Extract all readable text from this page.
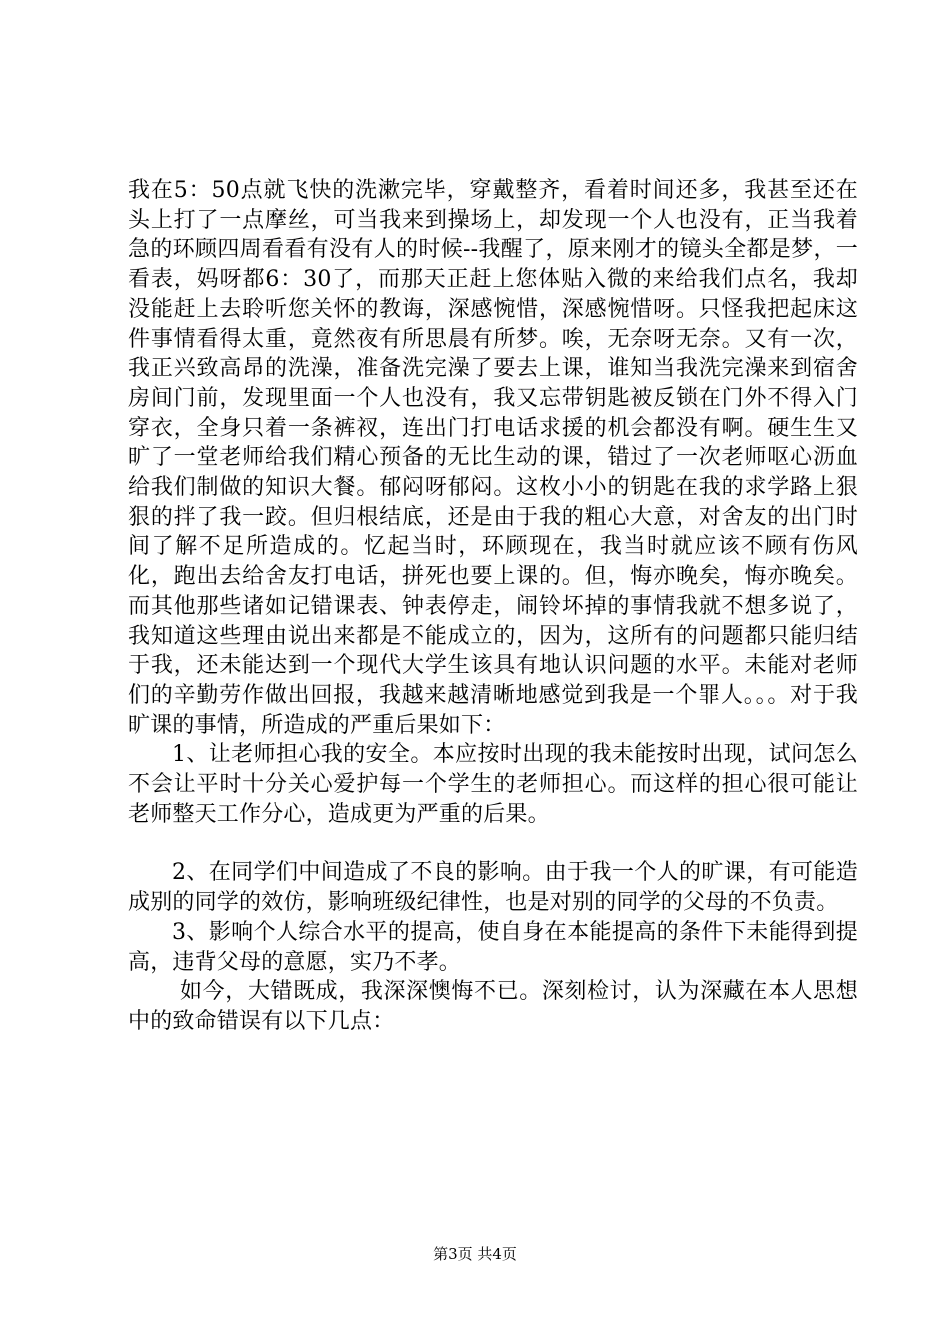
我在5：50点就飞快的洗漱完毕，穿戴整齐，看着时间还多，我甚至还在头上打了一点摩丝，可当我来到操场上，却发现一个人也没有，正当我着急的环顾四周看看有没有人的时候--我醒了，原来刚才的镜头全都是梦，一看表，妈呀都6：30了，而那天正赶上您体贴入微的来给我们点名，我却没能赶上去聆听您关怀的教诲，深感惋惜，深感惋惜呀。只怪我把起床这件事情看得太重，竟然夜有所思晨有所梦。唉，无奈呀无奈。又有一次，我正兴致高昂的洗澡，准备洗完澡了要去上课，谁知当我洗完澡来到宿舍房间门前，发现里面一个人也没有，我又忘带钥匙被反锁在门外不得入门穿衣，全身只着一条裤衩，连出门打电话求援的机会都没有啊。硬生生又旷了一堂老师给我们精心预备的无比生动的课，错过了一次老师呕心沥血给我们制做的知识大餐。郁闷呀郁闷。这枚小小的钥匙在我的求学路上狠狠的拌了我一跤。但归根结底，还是由于我的粗心大意，对舍友的出门时间了解不足所造成的。忆起当时，环顾现在，我当时就应该不顾有伤风化，跑出去给舍友打电话，拼死也要上课的。但，悔亦晚矣，悔亦晚矣。而其他那些诸如记错课表、钟表停走，闹铃坏掉的事情我就不想多说了，我知道这些理由说出来都是不能成立的，因为，这所有的问题都只能归结于我，还未能达到一个现代大学生该具有地认识问题的水平。未能对老师们的辛勤劳作做出回报，我越来越清晰地感觉到我是一个罪人。。。对于我旷课的事情，所造成的严重后果如下：

1、让老师担心我的安全。本应按时出现的我未能按时出现，试问怎么不会让平时十分关心爱护每一个学生的老师担心。而这样的担心很可能让老师整天工作分心，造成更为严重的后果。

2、在同学们中间造成了不良的影响。由于我一个人的旷课，有可能造成别的同学的效仿，影响班级纪律性，也是对别的同学的父母的不负责。

3、影响个人综合水平的提高，使自身在本能提高的条件下未能得到提高，违背父母的意愿，实乃不孝。

如今，大错既成，我深深懊悔不已。深刻检讨，认为深藏在本人思想中的致命错误有以下几点：

第3页 共4页
